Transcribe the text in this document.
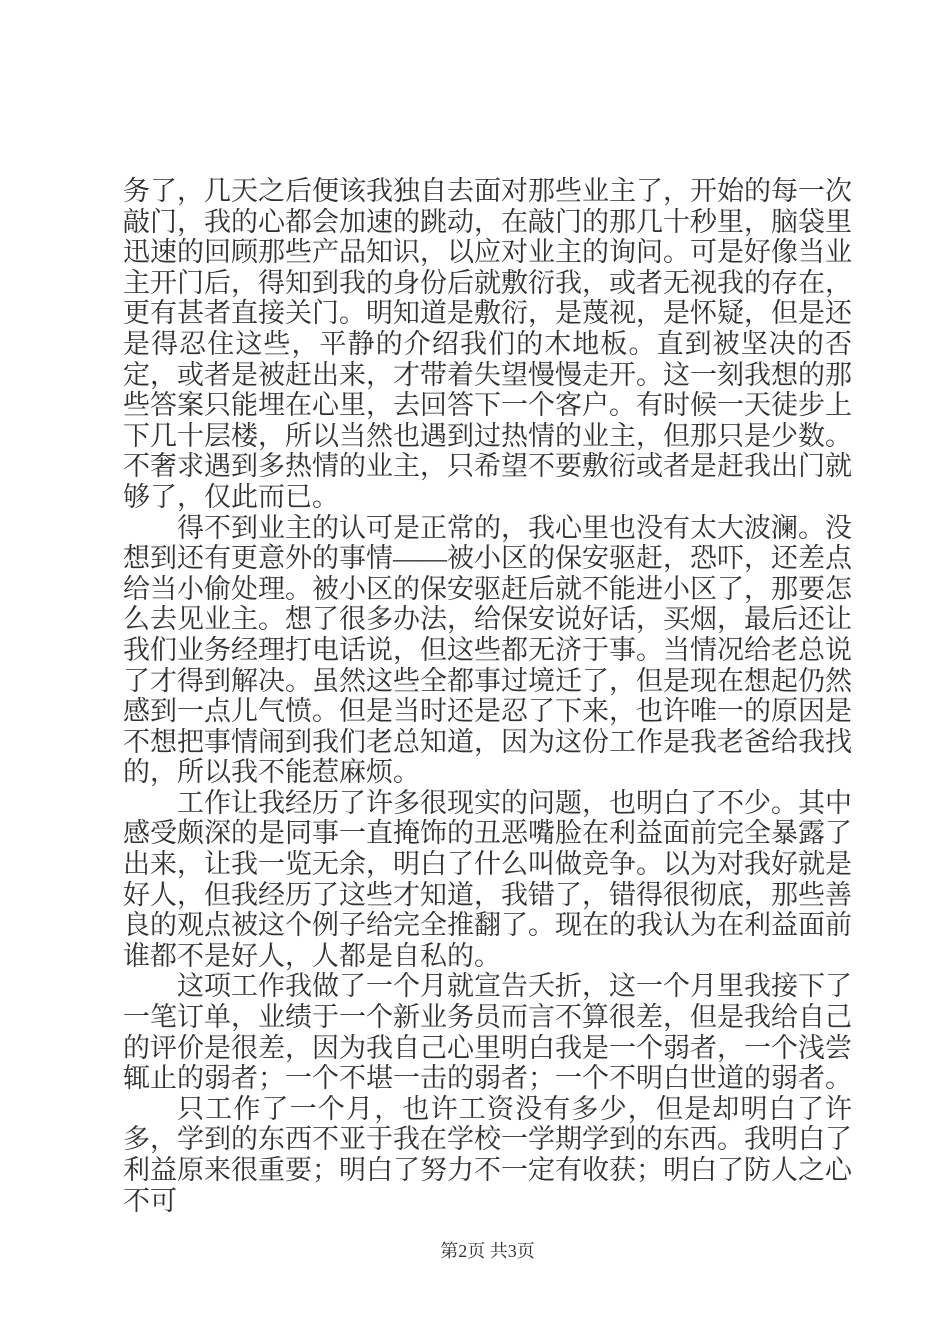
务了，几天之后便该我独自去面对那些业主了，开始的每一次敲门，我的心都会加速的跳动，在敲门的那几十秒里，脑袋里迅速的回顾那些产品知识，以应对业主的询问。可是好像当业主开门后，得知到我的身份后就敷衍我，或者无视我的存在，更有甚者直接关门。明知道是敷衍，是蔑视，是怀疑，但是还是得忍住这些，平静的介绍我们的木地板。直到被坚决的否定，或者是被赶出来，才带着失望慢慢走开。这一刻我想的那些答案只能埋在心里，去回答下一个客户。有时候一天徒步上下几十层楼，所以当然也遇到过热情的业主，但那只是少数。不奢求遇到多热情的业主，只希望不要敷衍或者是赶我出门就够了，仅此而已。

得不到业主的认可是正常的，我心里也没有太大波澜。没想到还有更意外的事情——被小区的保安驱赶，恐吓，还差点给当小偷处理。被小区的保安驱赶后就不能进小区了，那要怎么去见业主。想了很多办法，给保安说好话，买烟，最后还让我们业务经理打电话说，但这些都无济于事。当情况给老总说了才得到解决。虽然这些全都事过境迁了，但是现在想起仍然感到一点儿气愤。但是当时还是忍了下来，也许唯一的原因是不想把事情闹到我们老总知道，因为这份工作是我老爸给我找的，所以我不能惹麻烦。

工作让我经历了许多很现实的问题，也明白了不少。其中感受颇深的是同事一直掩饰的丑恶嘴脸在利益面前完全暴露了出来，让我一览无余，明白了什么叫做竞争。以为对我好就是好人，但我经历了这些才知道，我错了，错得很彻底，那些善良的观点被这个例子给完全推翻了。现在的我认为在利益面前谁都不是好人，人都是自私的。

这项工作我做了一个月就宣告夭折，这一个月里我接下了一笔订单，业绩于一个新业务员而言不算很差，但是我给自己的评价是很差，因为我自己心里明白我是一个弱者，一个浅尝辄止的弱者；一个不堪一击的弱者；一个不明白世道的弱者。

只工作了一个月，也许工资没有多少，但是却明白了许多，学到的东西不亚于我在学校一学期学到的东西。我明白了利益原来很重要；明白了努力不一定有收获；明白了防人之心不可

第2页 共3页
